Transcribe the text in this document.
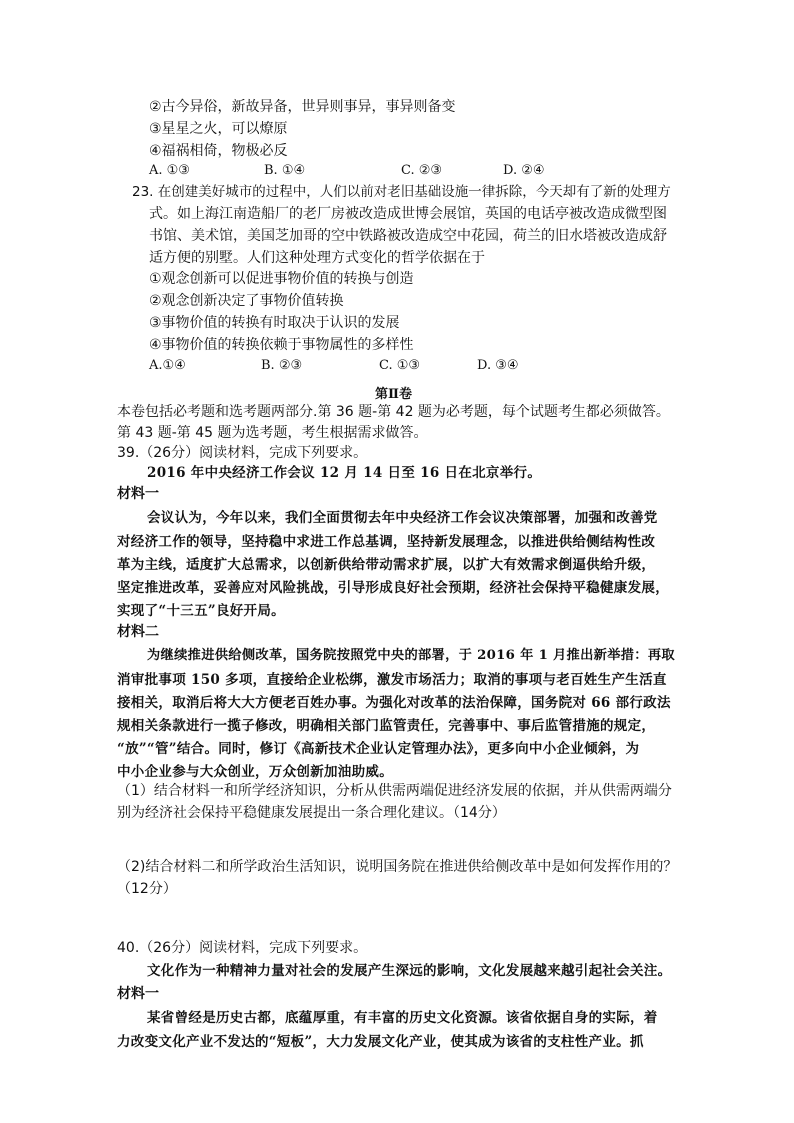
②古今异俗，新故异备，世异则事异，事异则备变
③星星之火，可以燎原
④福祸相倚，物极必反
A. ①③	B. ①④	C. ②③	D. ②④
23. 在创建美好城市的过程中，人们以前对老旧基础设施一律拆除，今天却有了新的处理方
式。如上海江南造船厂的老厂房被改造成世博会展馆，英国的电话亭被改造成微型图
书馆、美术馆，美国芝加哥的空中铁路被改造成空中花园，荷兰的旧水塔被改造成舒
适方便的别墅。人们这种处理方式变化的哲学依据在于
①观念创新可以促进事物价值的转换与创造
②观念创新决定了事物价值转换
③事物价值的转换有时取决于认识的发展
④事物价值的转换依赖于事物属性的多样性
A.①④	B. ②③	C. ①③	D. ③④
第Ⅱ卷
本卷包括必考题和选考题两部分.第 36 题-第 42 题为必考题，每个试题考生都必须做答。
第 43 题-第 45 题为选考题，考生根据需求做答。
39.（26分）阅读材料，完成下列要求。
2016 年中央经济工作会议 12 月 14 日至 16 日在北京举行。
材料一
会议认为，今年以来，我们全面贯彻去年中央经济工作会议决策部署，加强和改善党
对经济工作的领导，坚持稳中求进工作总基调，坚持新发展理念，以推进供给侧结构性改
革为主线，适度扩大总需求，以创新供给带动需求扩展，以扩大有效需求倒逼供给升级，
坚定推进改革，妥善应对风险挑战，引导形成良好社会预期，经济社会保持平稳健康发展，
实现了“十三五”良好开局。
材料二
为继续推进供给侧改革，国务院按照党中央的部署，于 2016 年 1 月推出新举措：再取
消审批事项 150 多项，直接给企业松绑，激发市场活力；取消的事项与老百姓生产生活直
接相关，取消后将大大方便老百姓办事。为强化对改革的法治保障，国务院对 66 部行政法
规相关条款进行一揽子修改，明确相关部门监管责任，完善事中、事后监管措施的规定，
“放”“管”结合。同时，修订《高新技术企业认定管理办法》，更多向中小企业倾斜，为
中小企业参与大众创业，万众创新加油助威。
（1）结合材料一和所学经济知识，分析从供需两端促进经济发展的依据，并从供需两端分
别为经济社会保持平稳健康发展提出一条合理化建议。（14分）
（2)结合材料二和所学政治生活知识，说明国务院在推进供给侧改革中是如何发挥作用的？
（12分）
40.（26分）阅读材料，完成下列要求。
文化作为一种精神力量对社会的发展产生深远的影响，文化发展越来越引起社会关注。
材料一
某省曾经是历史古都，底蕴厚重，有丰富的历史文化资源。该省依据自身的实际，着
力改变文化产业不发达的“短板”，大力发展文化产业，使其成为该省的支柱性产业。抓
